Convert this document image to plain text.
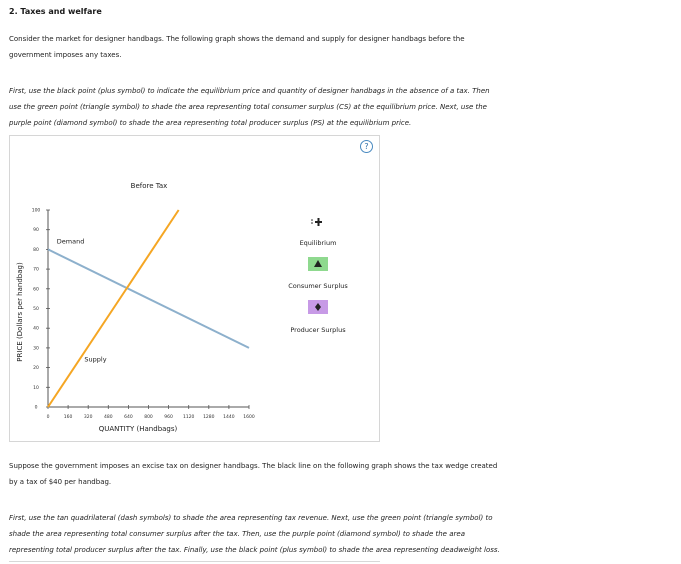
2. Taxes and welfare
Consider the market for designer handbags. The following graph shows the demand and supply for designer handbags before the
government imposes any taxes.
First, use the black point (plus symbol) to indicate the equilibrium price and quantity of designer handbags in the absence of a tax. Then
use the green point (triangle symbol) to shade the area representing total consumer surplus (CS) at the equilibrium price. Next, use the
purple point (diamond symbol) to shade the area representing total producer surplus (PS) at the equilibrium price.
Before Tax
0	160	320	480	640	800	960 1120 1280 1440 1600
0
10
20
30
40
50
60
70
80
90
100
Demand
Supply
QUANTITY (Handbags)
PRICE (Dollars per handbag)
Equilibrium
Consumer Surplus
Producer Surplus
?
Suppose the government imposes an excise tax on designer handbags. The black line on the following graph shows the tax wedge created
by a tax of $40 per handbag.
First, use the tan quadrilateral (dash symbols) to shade the area representing tax revenue. Next, use the green point (triangle symbol) to
shade the area representing total consumer surplus after the tax. Then, use the purple point (diamond symbol) to shade the area
representing total producer surplus after the tax. Finally, use the black point (plus symbol) to shade the area representing deadweight loss.
